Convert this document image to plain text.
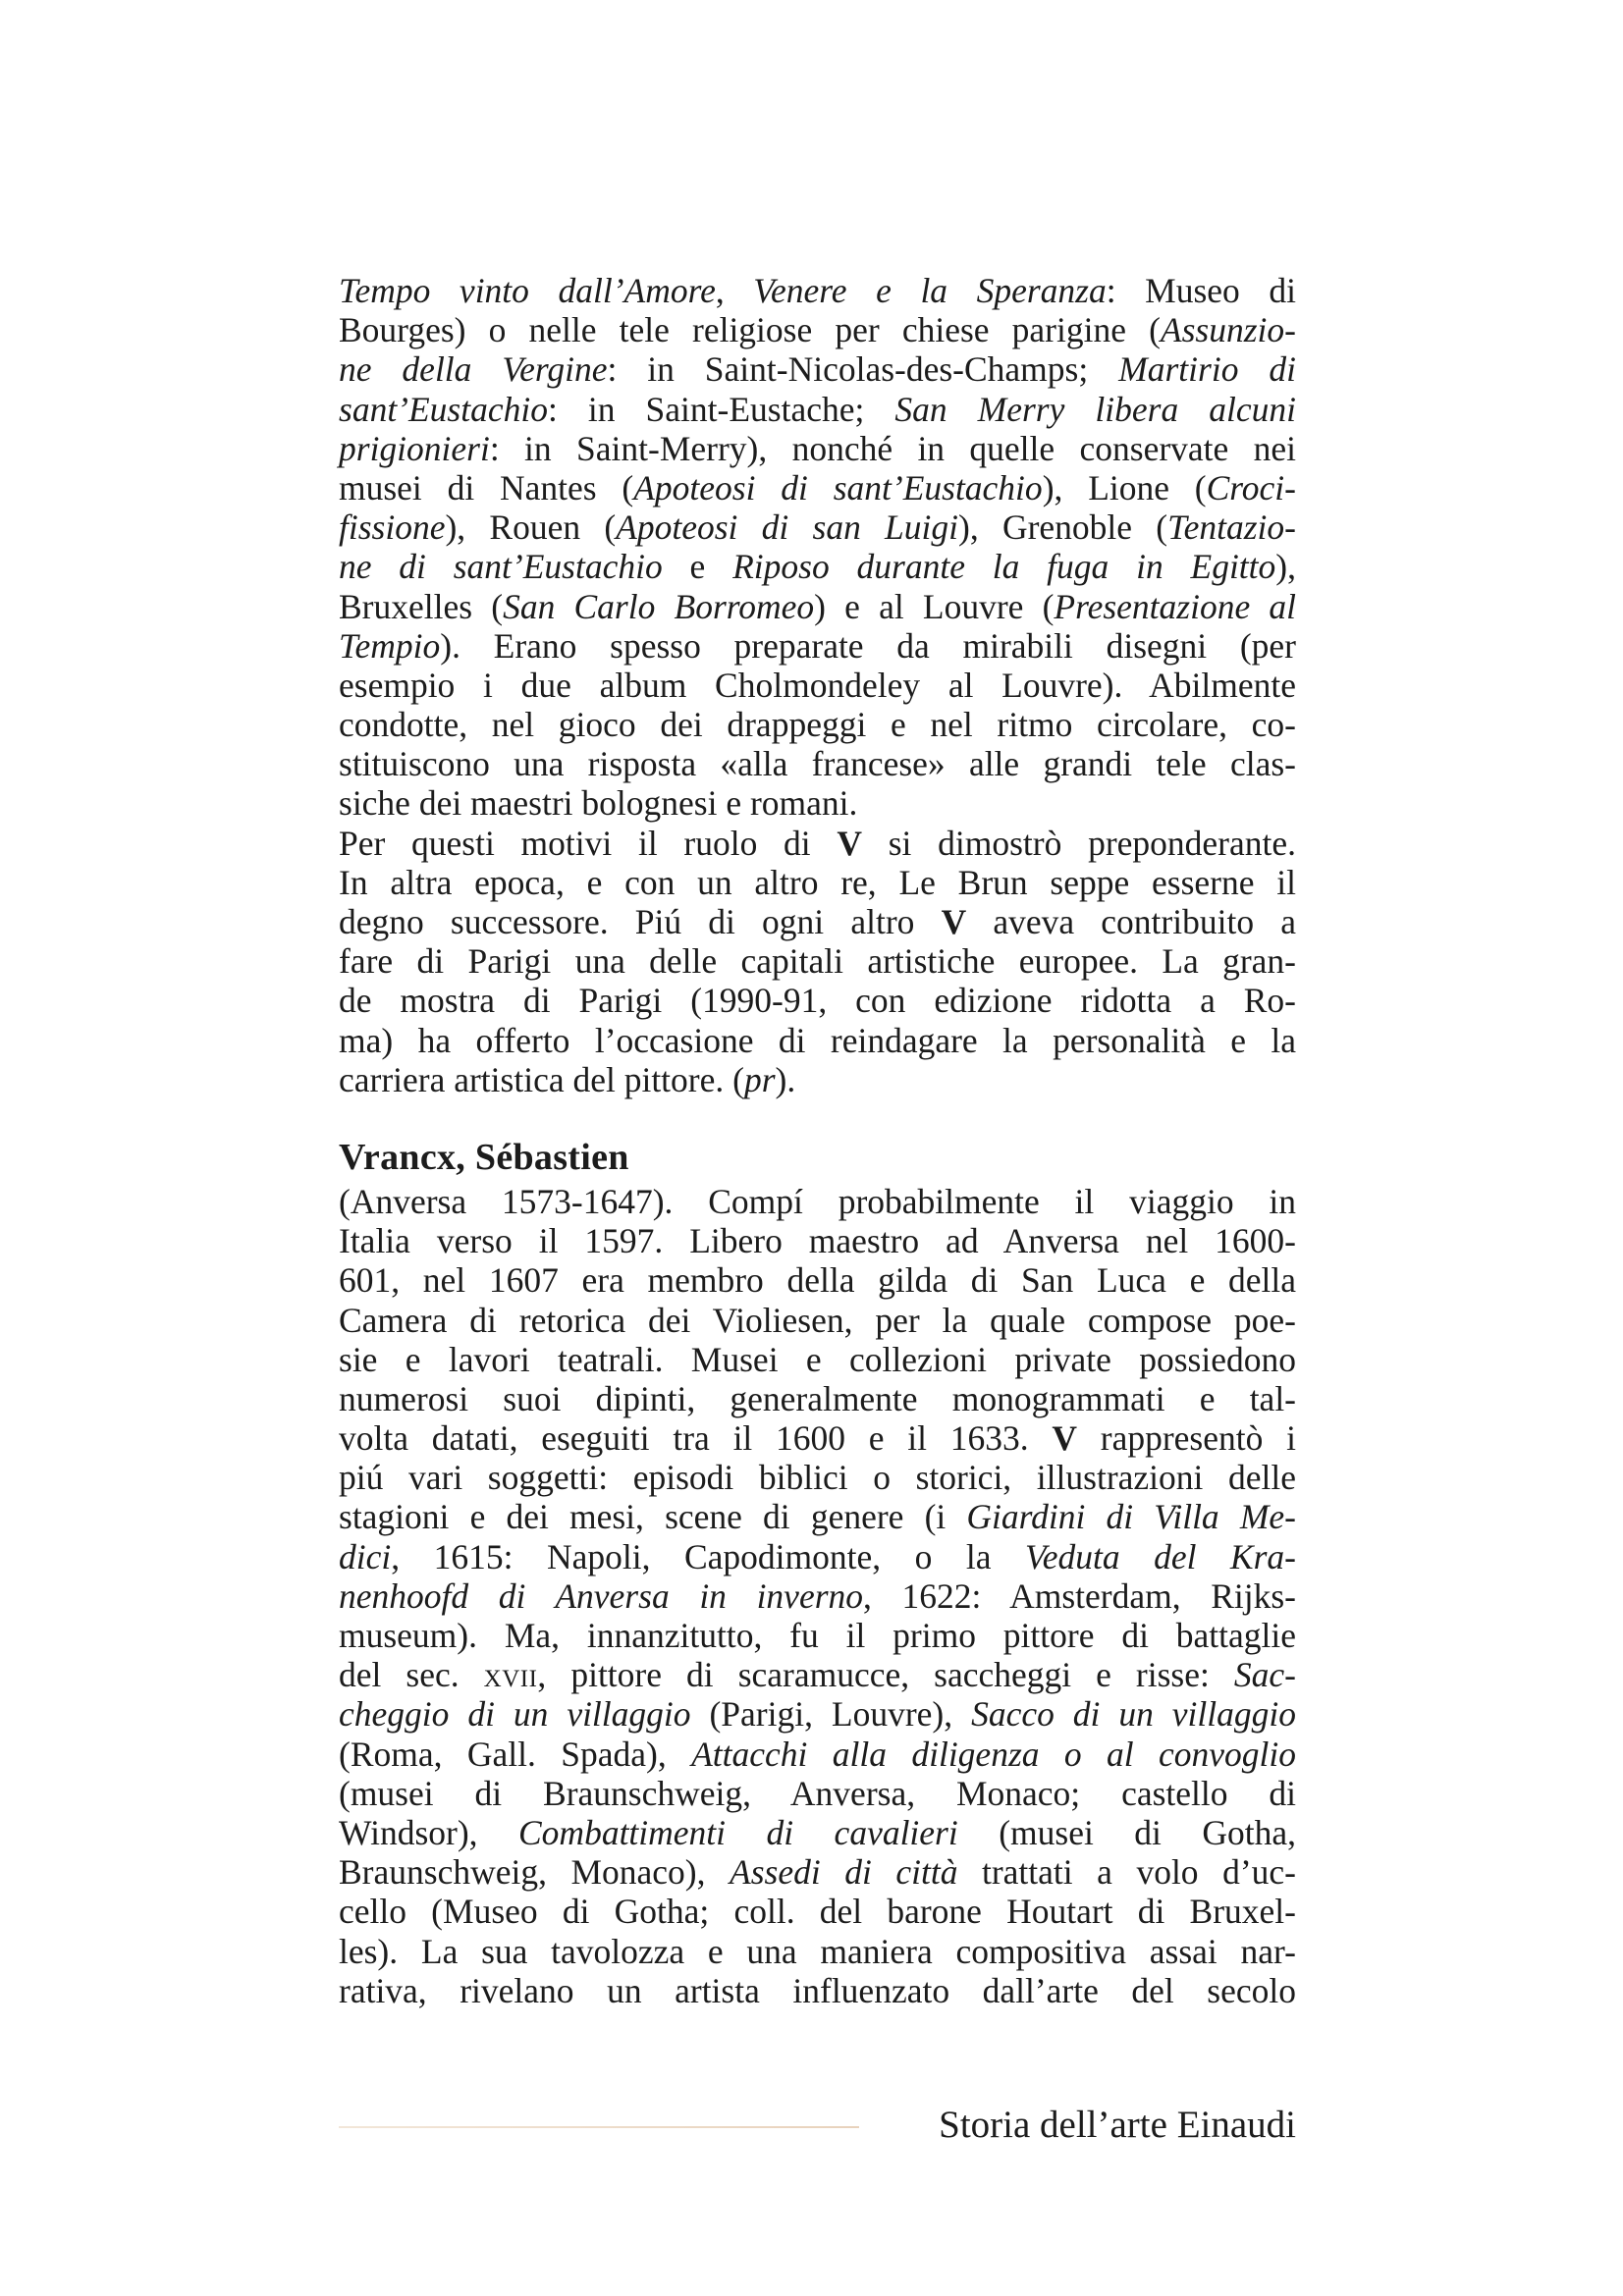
Tempo vinto dall’Amore, Venere e la Speranza: Museo di
Bourges) o nelle tele religiose per chiese parigine (Assunzio-
ne della Vergine: in Saint-Nicolas-des-Champs; Martirio di
sant’Eustachio: in Saint-Eustache; San Merry libera alcuni
prigionieri: in Saint-Merry), nonché in quelle conservate nei
musei di Nantes (Apoteosi di sant’Eustachio), Lione (Croci-
fissione), Rouen (Apoteosi di san Luigi), Grenoble (Tentazio-
ne di sant’Eustachio e Riposo durante la fuga in Egitto),
Bruxelles (San Carlo Borromeo) e al Louvre (Presentazione al
Tempio). Erano spesso preparate da mirabili disegni (per
esempio i due album Cholmondeley al Louvre). Abilmente
condotte, nel gioco dei drappeggi e nel ritmo circolare, co-
stituiscono una risposta «alla francese» alle grandi tele clas-
siche dei maestri bolognesi e romani.
Per questi motivi il ruolo di V si dimostrò preponderante.
In altra epoca, e con un altro re, Le Brun seppe esserne il
degno successore. Piú di ogni altro V aveva contribuito a
fare di Parigi una delle capitali artistiche europee. La gran-
de mostra di Parigi (1990-91, con edizione ridotta a Ro-
ma) ha offerto l’occasione di reindagare la personalità e la
carriera artistica del pittore. (pr).
Vrancx, Sébastien
(Anversa 1573-1647). Compí probabilmente il viaggio in
Italia verso il 1597. Libero maestro ad Anversa nel 1600-
601, nel 1607 era membro della gilda di San Luca e della
Camera di retorica dei Violiesen, per la quale compose poe-
sie e lavori teatrali. Musei e collezioni private possiedono
numerosi suoi dipinti, generalmente monogrammati e tal-
volta datati, eseguiti tra il 1600 e il 1633. V rappresentò i
piú vari soggetti: episodi biblici o storici, illustrazioni delle
stagioni e dei mesi, scene di genere (i Giardini di Villa Me-
dici, 1615: Napoli, Capodimonte, o la Veduta del Kra-
nenhoofd di Anversa in inverno, 1622: Amsterdam, Rijks-
museum). Ma, innanzitutto, fu il primo pittore di battaglie
del sec. xvii, pittore di scaramucce, saccheggi e risse: Sac-
cheggio di un villaggio (Parigi, Louvre), Sacco di un villaggio
(Roma, Gall. Spada), Attacchi alla diligenza o al convoglio
(musei di Braunschweig, Anversa, Monaco; castello di
Windsor), Combattimenti di cavalieri (musei di Gotha,
Braunschweig, Monaco), Assedi di città trattati a volo d’uc-
cello (Museo di Gotha; coll. del barone Houtart di Bruxel-
les). La sua tavolozza e una maniera compositiva assai nar-
rativa, rivelano un artista influenzato dall’arte del secolo
Storia dell’arte Einaudi
